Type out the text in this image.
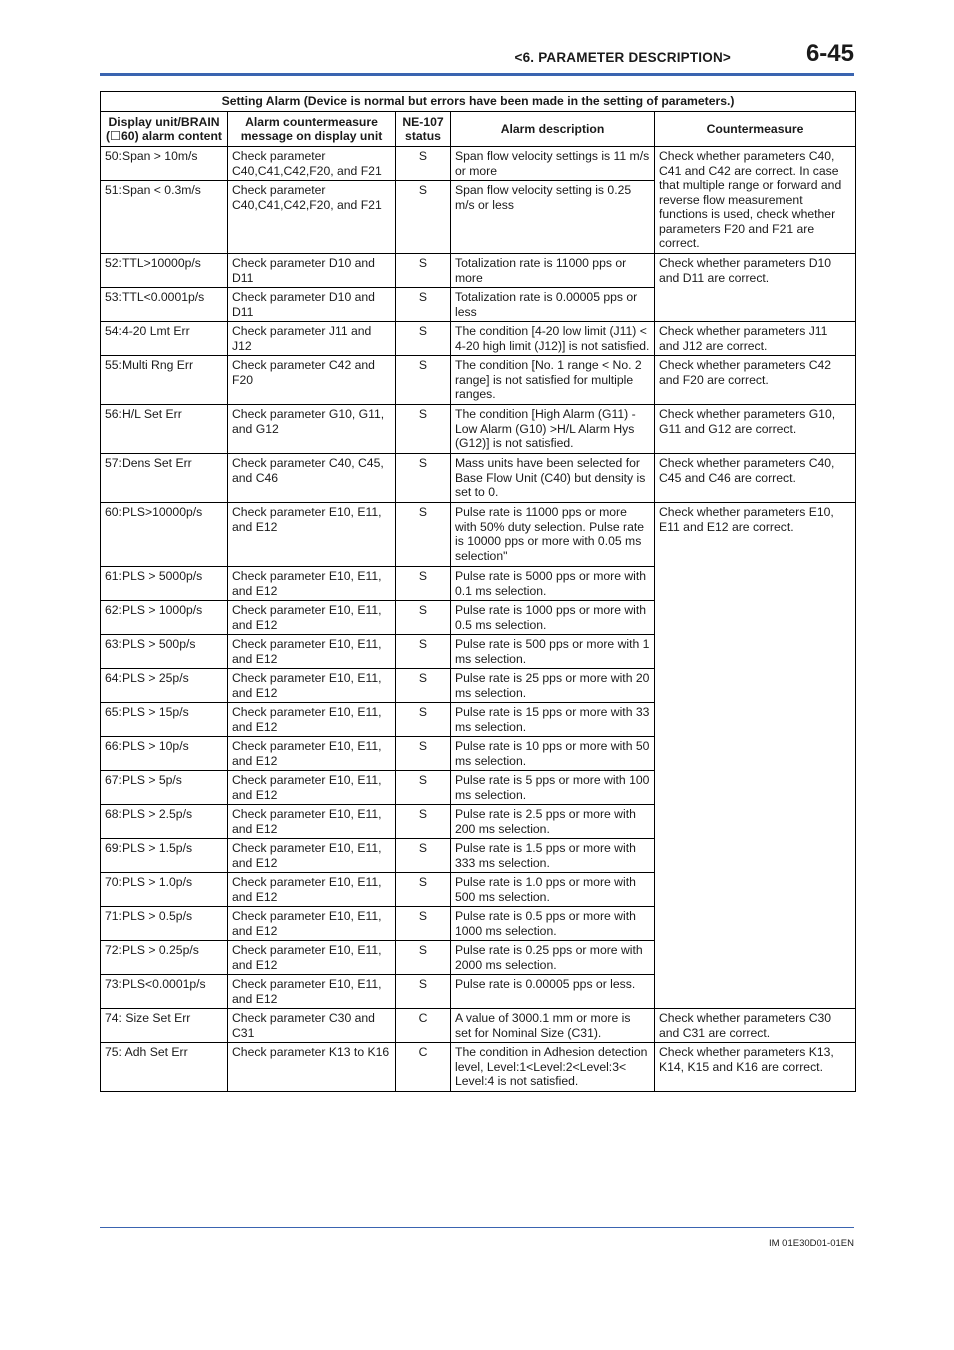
<6. PARAMETER DESCRIPTION>	6-45
Setting Alarm (Device is normal but errors have been made in the setting of parameters.)				
Display unit/BRAIN (☐60) alarm content	Alarm countermeasure message on display unit	NE-107 status	Alarm description	Countermeasure
50:Span > 10m/s	Check parameter C40,C41,C42,F20, and F21	S	Span flow velocity settings is 11 m/s or more	Check whether parameters C40, C41 and C42 are correct. In case that multiple range or forward and reverse flow measurement functions is used, check whether parameters F20 and F21 are correct.
51:Span < 0.3m/s	Check parameter C40,C41,C42,F20, and F21	S	Span flow velocity setting is 0.25 m/s or less	
52:TTL>10000p/s	Check parameter D10 and D11	S	Totalization rate is 11000 pps or more	Check whether parameters D10 and D11 are correct.
53:TTL<0.0001p/s	Check parameter D10 and D11	S	Totalization rate is 0.00005 pps or less	
54:4-20 Lmt Err	Check parameter J11 and J12	S	The condition [4-20 low limit (J11) < 4-20 high limit (J12)] is not satisfied.	Check whether parameters J11 and J12 are correct.
55:Multi Rng Err	Check parameter C42 and F20	S	The condition [No. 1 range < No. 2 range] is not satisfied for multiple ranges.	Check whether parameters C42 and F20 are correct.
56:H/L Set Err	Check parameter G10, G11, and G12	S	The condition [High Alarm (G11) -Low Alarm (G10) >H/L Alarm Hys (G12)] is not satisfied.	Check whether parameters G10, G11 and G12 are correct.
57:Dens Set Err	Check parameter C40, C45, and C46	S	Mass units have been selected for Base Flow Unit (C40) but density is set to 0.	Check whether parameters C40, C45 and C46 are correct.
60:PLS>10000p/s	Check parameter E10, E11, and E12	S	Pulse rate is 11000 pps or more with 50% duty selection. Pulse rate is 10000 pps or more with 0.05 ms selection"	Check whether parameters E10, E11 and E12 are correct.
61:PLS > 5000p/s	Check parameter E10, E11, and E12	S	Pulse rate is 5000 pps or more with 0.1 ms selection.	
62:PLS > 1000p/s	Check parameter E10, E11, and E12	S	Pulse rate is 1000 pps or more with 0.5 ms selection.	
63:PLS > 500p/s	Check parameter E10, E11, and E12	S	Pulse rate is 500 pps or more with 1 ms selection.	
64:PLS > 25p/s	Check parameter E10, E11, and E12	S	Pulse rate is 25 pps or more with 20 ms selection.	
65:PLS > 15p/s	Check parameter E10, E11, and E12	S	Pulse rate is 15 pps or more with 33 ms selection.	
66:PLS > 10p/s	Check parameter E10, E11, and E12	S	Pulse rate is 10 pps or more with 50 ms selection.	
67:PLS > 5p/s	Check parameter E10, E11, and E12	S	Pulse rate is 5 pps or more with 100 ms selection.	
68:PLS > 2.5p/s	Check parameter E10, E11, and E12	S	Pulse rate is 2.5 pps or more with 200 ms selection.	
69:PLS > 1.5p/s	Check parameter E10, E11, and E12	S	Pulse rate is 1.5 pps or more with 333 ms selection.	
70:PLS > 1.0p/s	Check parameter E10, E11, and E12	S	Pulse rate is 1.0 pps or more with 500 ms selection.	
71:PLS > 0.5p/s	Check parameter E10, E11, and E12	S	Pulse rate is 0.5 pps or more with 1000 ms selection.	
72:PLS > 0.25p/s	Check parameter E10, E11, and E12	S	Pulse rate is 0.25 pps or more with 2000 ms selection.	
73:PLS<0.0001p/s	Check parameter E10, E11, and E12	S	Pulse rate is 0.00005 pps or less.	
74: Size Set Err	Check parameter C30 and C31	C	A value of 3000.1 mm or more is set for Nominal Size (C31).	Check whether parameters C30 and C31 are correct.
75: Adh Set Err	Check parameter K13 to K16	C	The condition in Adhesion detection level, Level:1<Level:2<Level:3< Level:4 is not satisfied.	Check whether parameters K13, K14, K15 and K16 are correct.
IM 01E30D01-01EN
